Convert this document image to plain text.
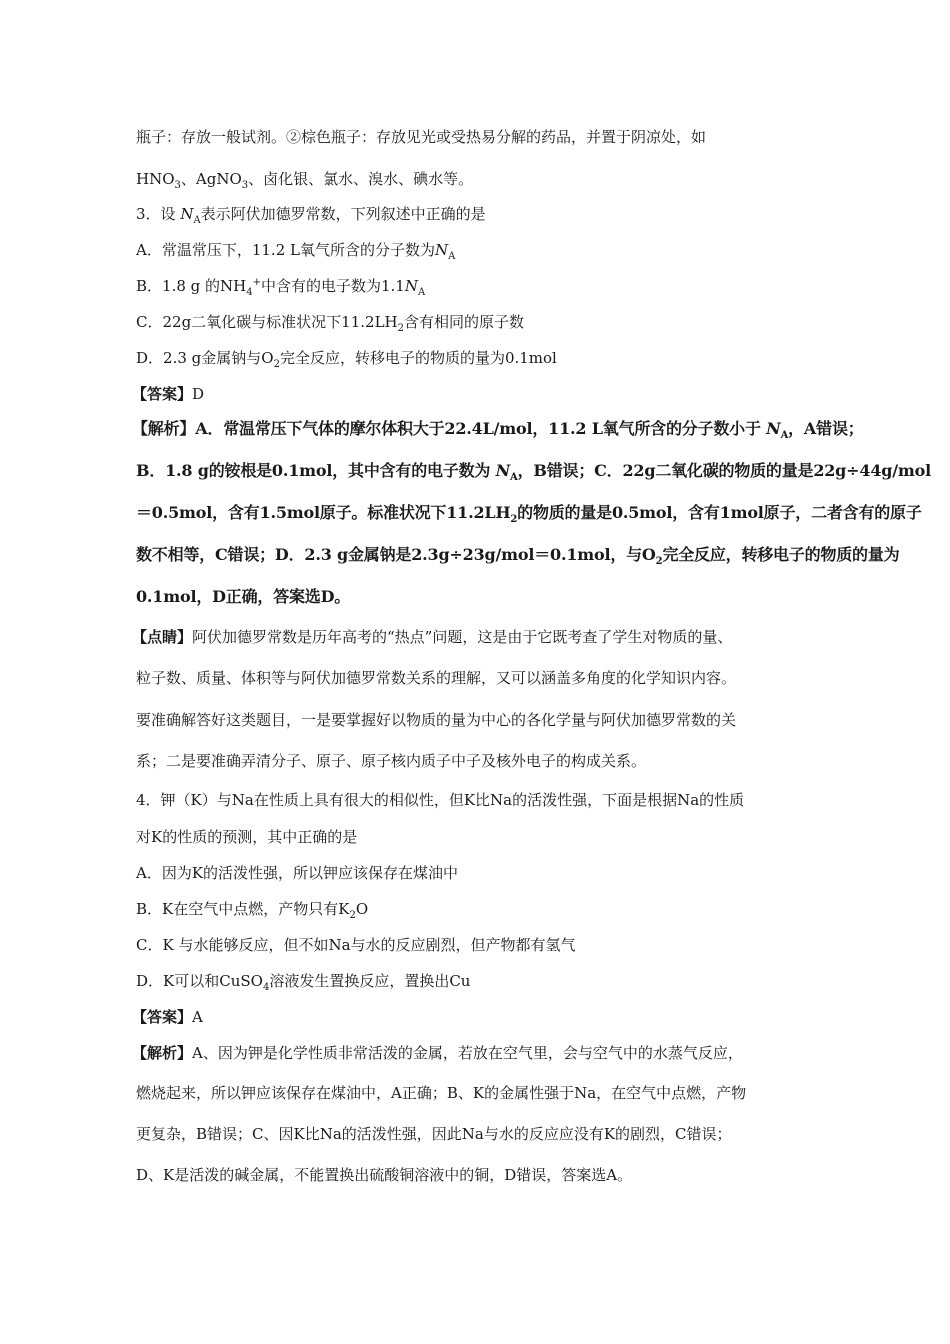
瓶子：存放一般试剂。②棕色瓶子：存放见光或受热易分解的药品，并置于阴凉处，如
$HNO_3$、AgNO$_3$、卤化银、氯水、溴水、碘水等。
3．设 $N_A$表示阿伏加德罗常数，下列叙述中正确的是
A．常温常压下，11.2 L氧气所含的分子数为$N_A$
B．1.8 g 的$NH_4^+$中含有的电子数为$1.1N_A$
C．22g二氧化碳与标准状况下$11.2LH_2$含有相同的原子数
D．2.3 g金属钠与$O_2$完全反应，转移电子的物质的量为0.1mol
【答案】D
【解析】A．常温常压下气体的摩尔体积大于22.4L/mol，11.2 L氧气所含的分子数小于 $N_A$，A错误；
B．1.8 g的铵根是0.1mol，其中含有的电子数为 $N_A$，B错误；C．22g二氧化碳的物质的量是22g÷44g/mol
＝0.5mol，含有1.5mol原子。标准状况下$11.2LH_2$的物质的量是0.5mol，含有1mol原子，二者含有的原子
数不相等，C错误；D．2.3 g金属钠是2.3g÷23g/mol＝0.1mol，与$O_2$完全反应，转移电子的物质的量为
0.1mol，D正确，答案选D。
【点睛】阿伏加德罗常数是历年高考的“热点”问题，这是由于它既考查了学生对物质的量、
粒子数、质量、体积等与阿伏加德罗常数关系的理解，又可以涵盖多角度的化学知识内容。
要准确解答好这类题目，一是要掌握好以物质的量为中心的各化学量与阿伏加德罗常数的关
系；二是要准确弄清分子、原子、原子核内质子中子及核外电子的构成关系。
4．钾（K）与Na在性质上具有很大的相似性，但K比Na的活泼性强，下面是根据Na的性质
对K的性质的预测，其中正确的是
A．因为K的活泼性强，所以钾应该保存在煤油中
B．K在空气中点燃，产物只有$K_2O$
C．K 与水能够反应，但不如Na与水的反应剧烈，但产物都有氢气
D．K可以和CuSO$_4$溶液发生置换反应，置换出Cu
【答案】A
【解析】A、因为钾是化学性质非常活泼的金属，若放在空气里，会与空气中的水蒸气反应，
燃烧起来，所以钾应该保存在煤油中，A正确；B、K的金属性强于Na，在空气中点燃，产物
更复杂，B错误；C、因K比Na的活泼性强，因此Na与水的反应应没有K的剧烈，C错误；
D、K是活泼的碱金属，不能置换出硫酸铜溶液中的铜，D错误，答案选A。
